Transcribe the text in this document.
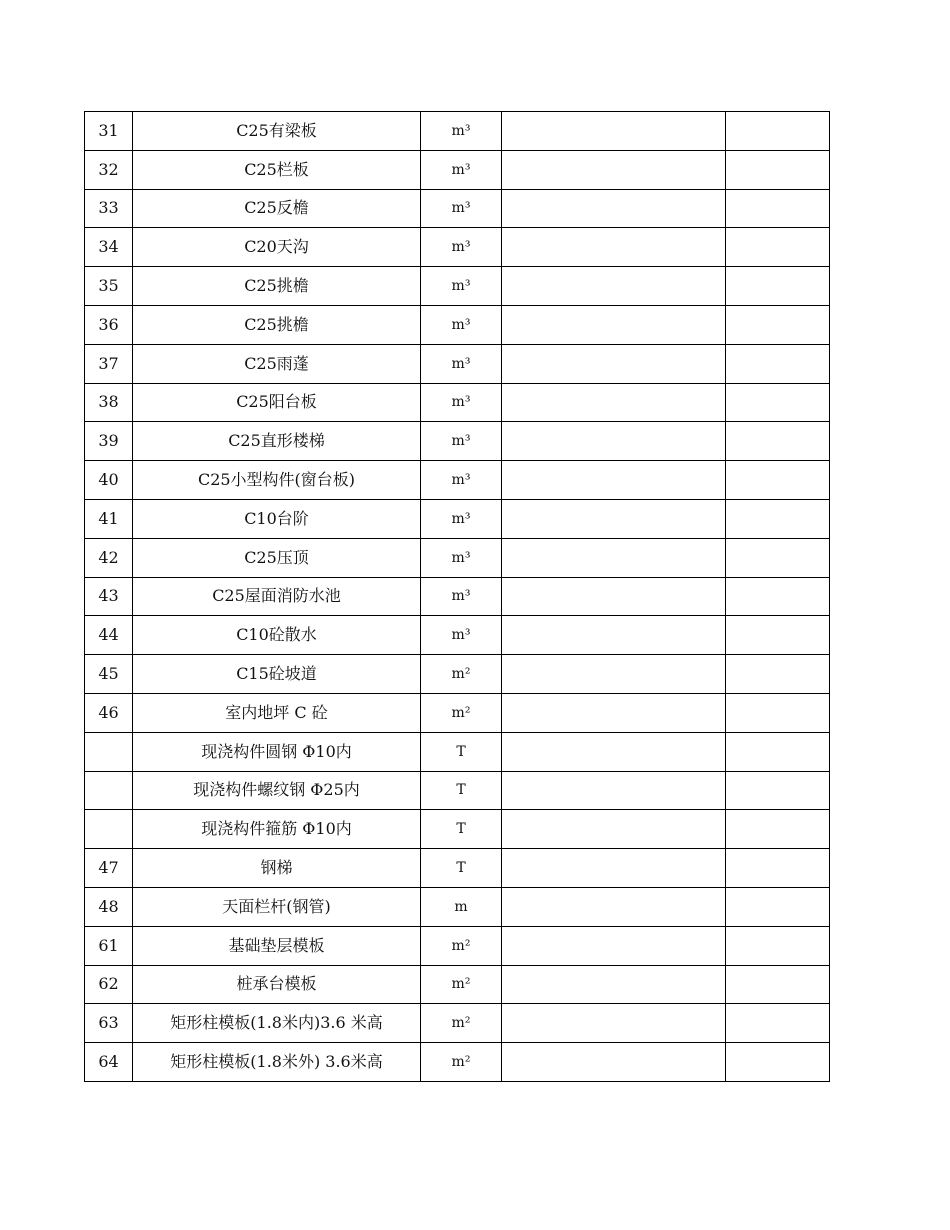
31	C25有梁板	m³		
32	C25栏板	m³		
33	C25反檐	m³		
34	C20天沟	m³		
35	C25挑檐	m³		
36	C25挑檐	m³		
37	C25雨蓬	m³		
38	C25阳台板	m³		
39	C25直形楼梯	m³		
40	C25小型构件(窗台板)	m³		
41	C10台阶	m³		
42	C25压顶	m³		
43	C25屋面消防水池	m³		
44	C10砼散水	m³		
45	C15砼坡道	m²		
46	室内地坪 C 砼	m²		
	现浇构件圆钢 Φ10内	T		
	现浇构件螺纹钢 Φ25内	T		
	现浇构件箍筋 Φ10内	T		
47	钢梯	T		
48	天面栏杆(钢管)	m		
61	基础垫层模板	m²		
62	桩承台模板	m²		
63	矩形柱模板(1.8米内)3.6 米高	m²		
64	矩形柱模板(1.8米外) 3.6米高	m²		
